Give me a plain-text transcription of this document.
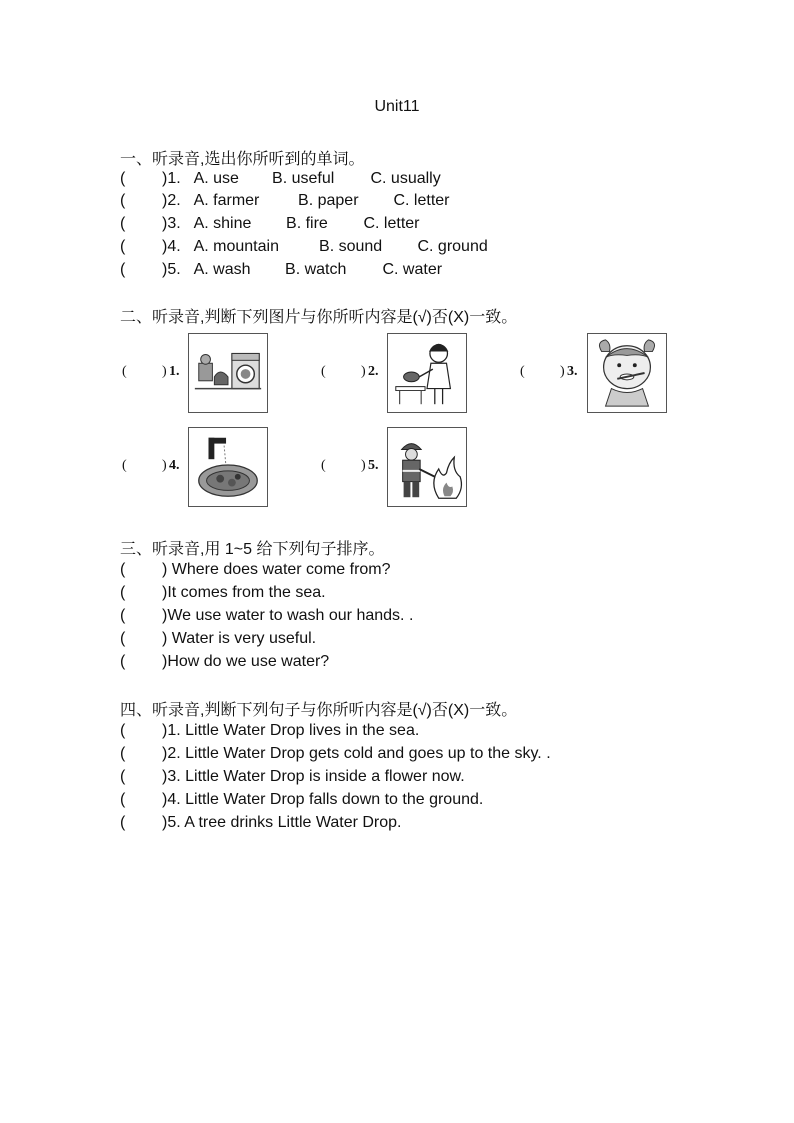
Unit11
一、听录音,选出你所听到的单词。
( )1. A. use B. useful C. usually
( )2. A. farmer B. paper C. letter
( )3. A. shine B. fire C. letter
( )4. A. mountain	B. sound C. ground
( )5. A. wash B. watch C. water
二、听录音,判断下列图片与你所听内容是(√)否(X)一致。
(	) 1.	(	) 2.	(	) 3.
(	) 4.	(	) 5.
三、听录音,用 1~5 给下列句子排序。
( ) Where does water come from?
( )It comes from the sea.
( )We use water to wash our hands. .
( ) Water is very useful.
( )How do we use water?
四、听录音,判断下列句子与你所听内容是(√)否(X)一致。
( )1. Little Water Drop lives in the sea.
( )2. Little Water Drop gets cold and goes up to the sky. .
( )3. Little Water Drop is inside a flower now.
( )4. Little Water Drop falls down to the ground.
( )5. A tree drinks Little Water Drop.
